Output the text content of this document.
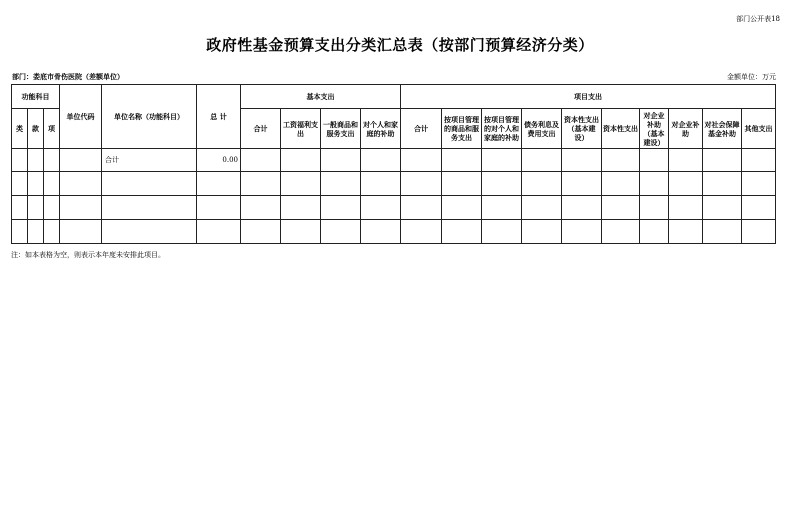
部门公开表18
政府性基金预算支出分类汇总表（按部门预算经济分类）
部门：娄底市骨伤医院（差额单位）	金额单位：万元
功能科目			单位代码	单位名称（功能科目）	总 计	基本支出				项目支出									
类	款	项				合计	工资福利支出	一般商品和服务支出	对个人和家庭的补助	合计	按项目管理的商品和服务支出	按项目管理的对个人和家庭的补助	债务利息及费用支出	资本性支出（基本建设）	资本性支出	对企业补助（基本建设）	对企业补助	对社会保障基金补助	其他支出
				合计	0.00														

注：如本表格为空，则表示本年度未安排此项目。
